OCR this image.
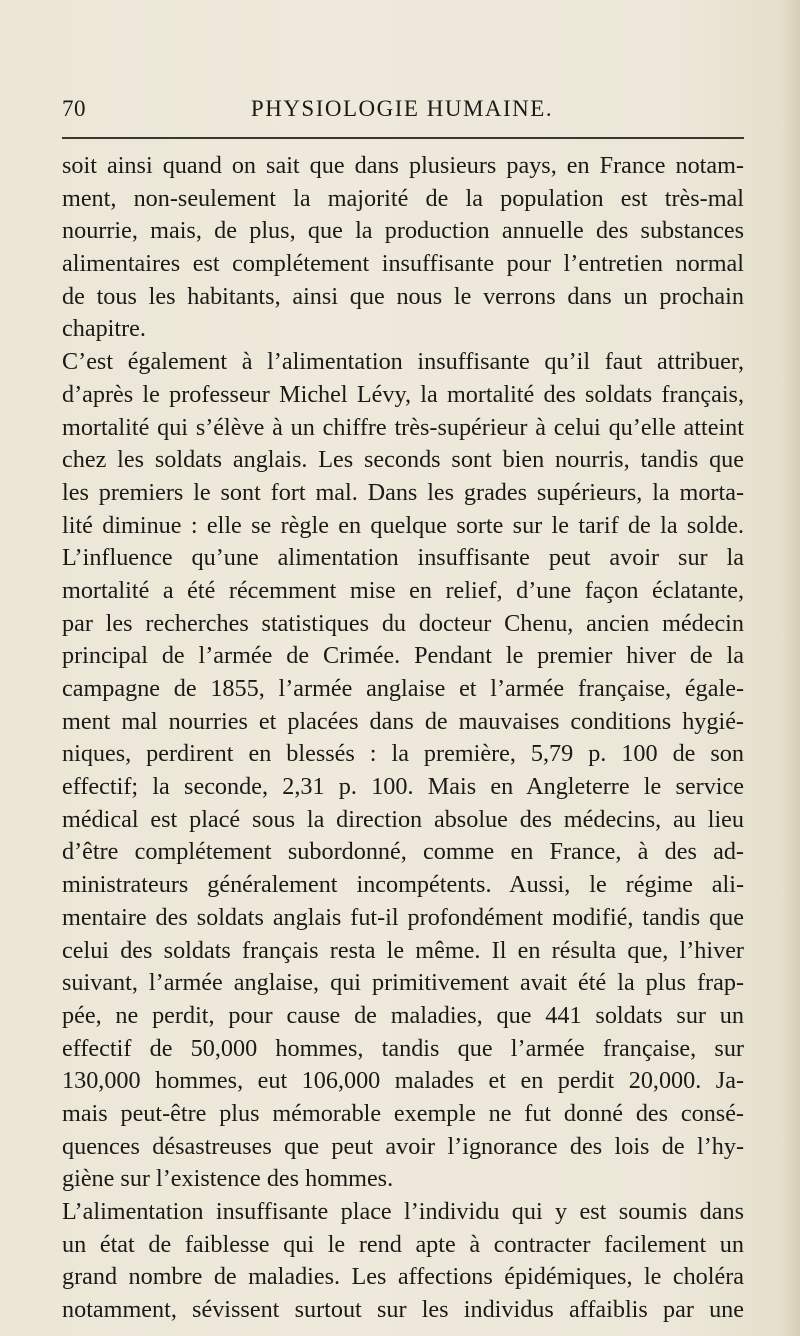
70	PHYSIOLOGIE HUMAINE.
soit ainsi quand on sait que dans plusieurs pays, en France notam-
ment, non-seulement la majorité de la population est très-mal
nourrie, mais, de plus, que la production annuelle des substances
alimentaires est complétement insuffisante pour l’entretien normal
de tous les habitants, ainsi que nous le verrons dans un prochain
chapitre.
C’est également à l’alimentation insuffisante qu’il faut attribuer,
d’après le professeur Michel Lévy, la mortalité des soldats français,
mortalité qui s’élève à un chiffre très-supérieur à celui qu’elle atteint
chez les soldats anglais. Les seconds sont bien nourris, tandis que
les premiers le sont fort mal. Dans les grades supérieurs, la morta-
lité diminue : elle se règle en quelque sorte sur le tarif de la solde.
L’influence qu’une alimentation insuffisante peut avoir sur la
mortalité a été récemment mise en relief, d’une façon éclatante,
par les recherches statistiques du docteur Chenu, ancien médecin
principal de l’armée de Crimée. Pendant le premier hiver de la
campagne de 1855, l’armée anglaise et l’armée française, égale-
ment mal nourries et placées dans de mauvaises conditions hygié-
niques, perdirent en blessés : la première, 5,79 p. 100 de son
effectif; la seconde, 2,31 p. 100. Mais en Angleterre le service
médical est placé sous la direction absolue des médecins, au lieu
d’être complétement subordonné, comme en France, à des ad-
ministrateurs généralement incompétents. Aussi, le régime ali-
mentaire des soldats anglais fut-il profondément modifié, tandis que
celui des soldats français resta le même. Il en résulta que, l’hiver
suivant, l’armée anglaise, qui primitivement avait été la plus frap-
pée, ne perdit, pour cause de maladies, que 441 soldats sur un
effectif de 50,000 hommes, tandis que l’armée française, sur
130,000 hommes, eut 106,000 malades et en perdit 20,000. Ja-
mais peut-être plus mémorable exemple ne fut donné des consé-
quences désastreuses que peut avoir l’ignorance des lois de l’hy-
giène sur l’existence des hommes.
L’alimentation insuffisante place l’individu qui y est soumis dans
un état de faiblesse qui le rend apte à contracter facilement un
grand nombre de maladies. Les affections épidémiques, le choléra
notamment, sévissent surtout sur les individus affaiblis par une
